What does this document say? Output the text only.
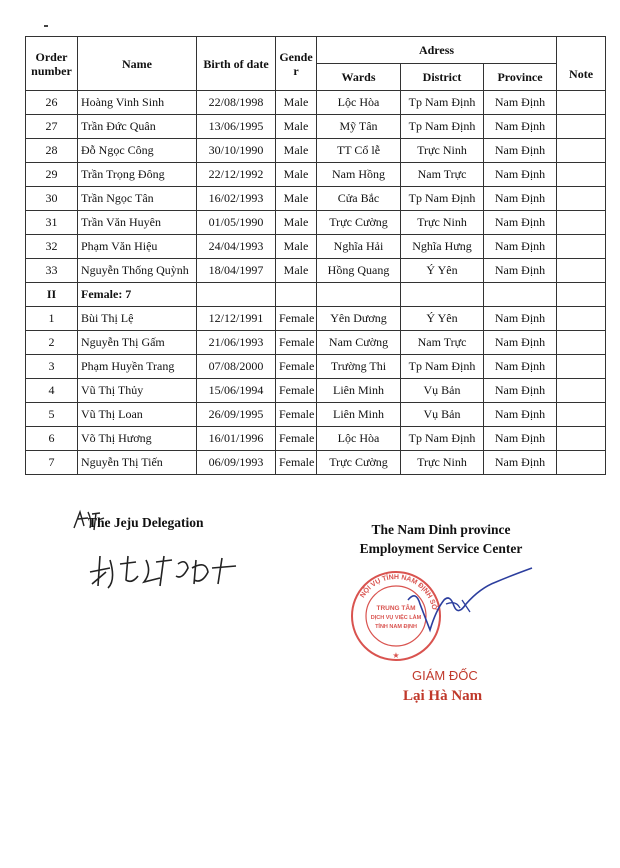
Order number	Name	Birth of date	Gender	Adress			Note
				Wards	District	Province	
26	Hoàng Vinh Sinh	22/08/1998	Male	Lộc Hòa	Tp Nam Định	Nam Định	
27	Trần Đức Quân	13/06/1995	Male	Mỹ Tân	Tp Nam Định	Nam Định	
28	Đỗ Ngọc Công	30/10/1990	Male	TT Cổ lễ	Trực Ninh	Nam Định	
29	Trần Trọng Đông	22/12/1992	Male	Nam Hồng	Nam Trực	Nam Định	
30	Trần Ngọc Tân	16/02/1993	Male	Cửa Bắc	Tp Nam Định	Nam Định	
31	Trần Văn Huyên	01/05/1990	Male	Trực Cường	Trực Ninh	Nam Định	
32	Phạm Văn Hiệu	24/04/1993	Male	Nghĩa Hải	Nghĩa Hưng	Nam Định	
33	Nguyễn Thống Quỳnh	18/04/1997	Male	Hồng Quang	Ý Yên	Nam Định	
II	Female: 7						
1	Bùi Thị Lệ	12/12/1991	Female	Yên Dương	Ý Yên	Nam Định	
2	Nguyễn Thị Gấm	21/06/1993	Female	Nam Cường	Nam Trực	Nam Định	
3	Phạm Huyền Trang	07/08/2000	Female	Trường Thi	Tp Nam Định	Nam Định	
4	Vũ Thị Thủy	15/06/1994	Female	Liên Minh	Vụ Bản	Nam Định	
5	Vũ Thị Loan	26/09/1995	Female	Liên Minh	Vụ Bản	Nam Định	
6	Võ Thị Hương	16/01/1996	Female	Lộc Hòa	Tp Nam Định	Nam Định	
7	Nguyễn Thị Tiến	06/09/1993	Female	Trực Cường	Trực Ninh	Nam Định	
The Jeju Delegation	The Nam Dinh province
Employment Service Center
NỘI VỤ TỈNH NAM ĐỊNH SỞ
TRUNG TÂM
DỊCH VỤ VIỆC LÀM
TỈNH NAM ĐỊNH
★
GIÁM ĐỐC
Lại Hà Nam
